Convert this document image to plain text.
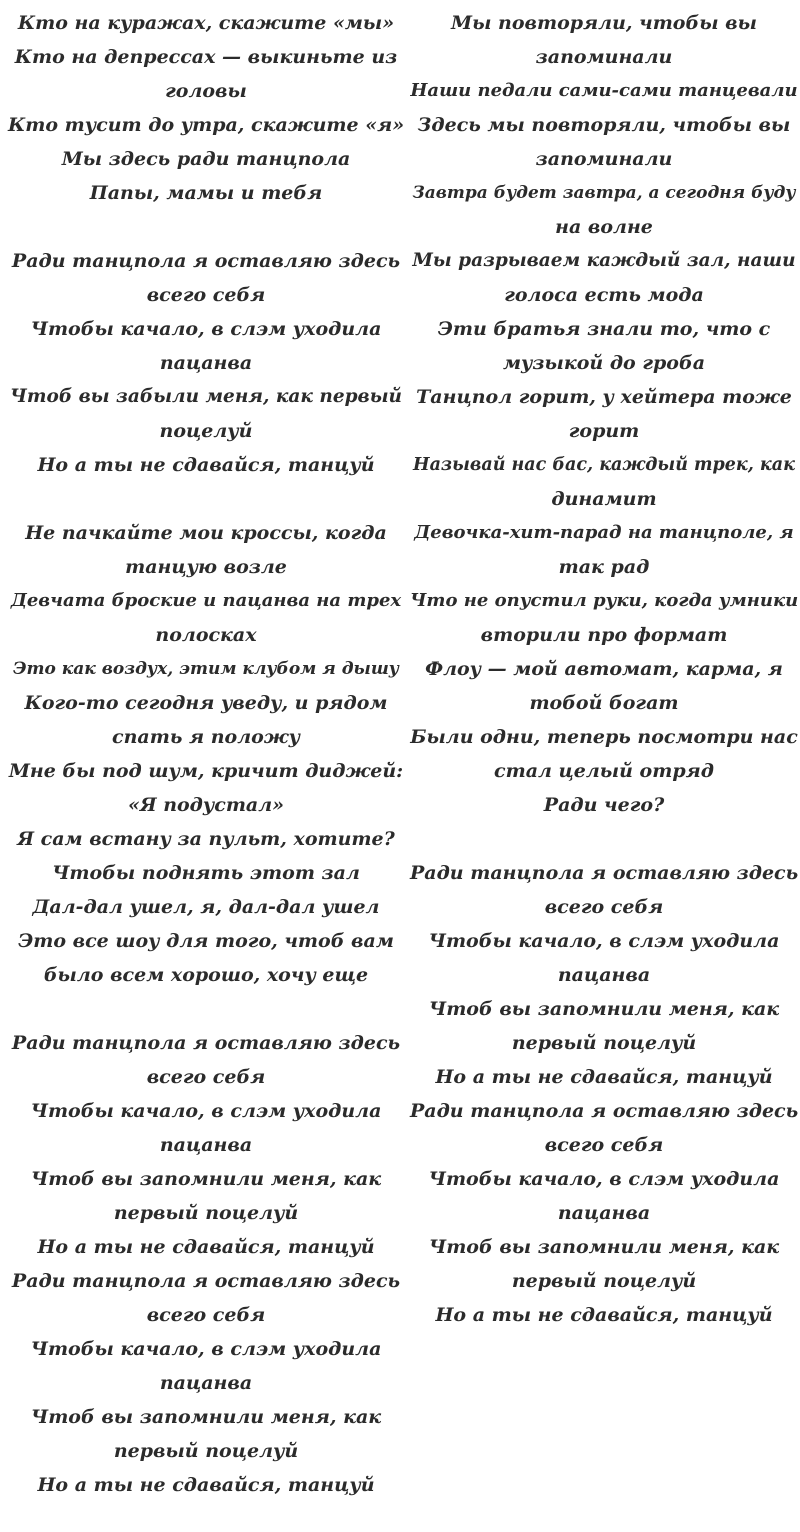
Кто на куражах, скажите «мы»
Кто на депрессах — выкиньте из
головы
Кто тусит до утра, скажите «я»
Мы здесь ради танцпола
Папы, мамы и тебя
Ради танцпола я оставляю здесь
всего себя
Чтобы качало, в слэм уходила
пацанва
Чтоб вы забыли меня, как первый
поцелуй
Но а ты не сдавайся, танцуй
Не пачкайте мои кроссы, когда
танцую возле
Девчата броские и пацанва на трех
полосках
Это как воздух, этим клубом я дышу
Кого-то сегодня уведу, и рядом
спать я положу
Мне бы под шум, кричит диджей:
«Я подустал»
Я сам встану за пульт, хотите?
Чтобы поднять этот зал
Дал-дал ушел, я, дал-дал ушел
Это все шоу для того, чтоб вам
было всем хорошо, хочу еще
Ради танцпола я оставляю здесь
всего себя
Чтобы качало, в слэм уходила
пацанва
Чтоб вы запомнили меня, как
первый поцелуй
Но а ты не сдавайся, танцуй
Ради танцпола я оставляю здесь
всего себя
Чтобы качало, в слэм уходила
пацанва
Чтоб вы запомнили меня, как
первый поцелуй
Но а ты не сдавайся, танцуй
Мы повторяли, чтобы вы
запоминали
Наши педали сами-сами танцевали
Здесь мы повторяли, чтобы вы
запоминали
Завтра будет завтра, а сегодня буду
на волне
Мы разрываем каждый зал, наши
голоса есть мода
Эти братья знали то, что с
музыкой до гроба
Танцпол горит, у хейтера тоже
горит
Называй нас бас, каждый трек, как
динамит
Девочка-хит-парад на танцполе, я
так рад
Что не опустил руки, когда умники
вторили про формат
Флоу — мой автомат, карма, я
тобой богат
Были одни, теперь посмотри нас
стал целый отряд
Ради чего?
Ради танцпола я оставляю здесь
всего себя
Чтобы качало, в слэм уходила
пацанва
Чтоб вы запомнили меня, как
первый поцелуй
Но а ты не сдавайся, танцуй
Ради танцпола я оставляю здесь
всего себя
Чтобы качало, в слэм уходила
пацанва
Чтоб вы запомнили меня, как
первый поцелуй
Но а ты не сдавайся, танцуй
